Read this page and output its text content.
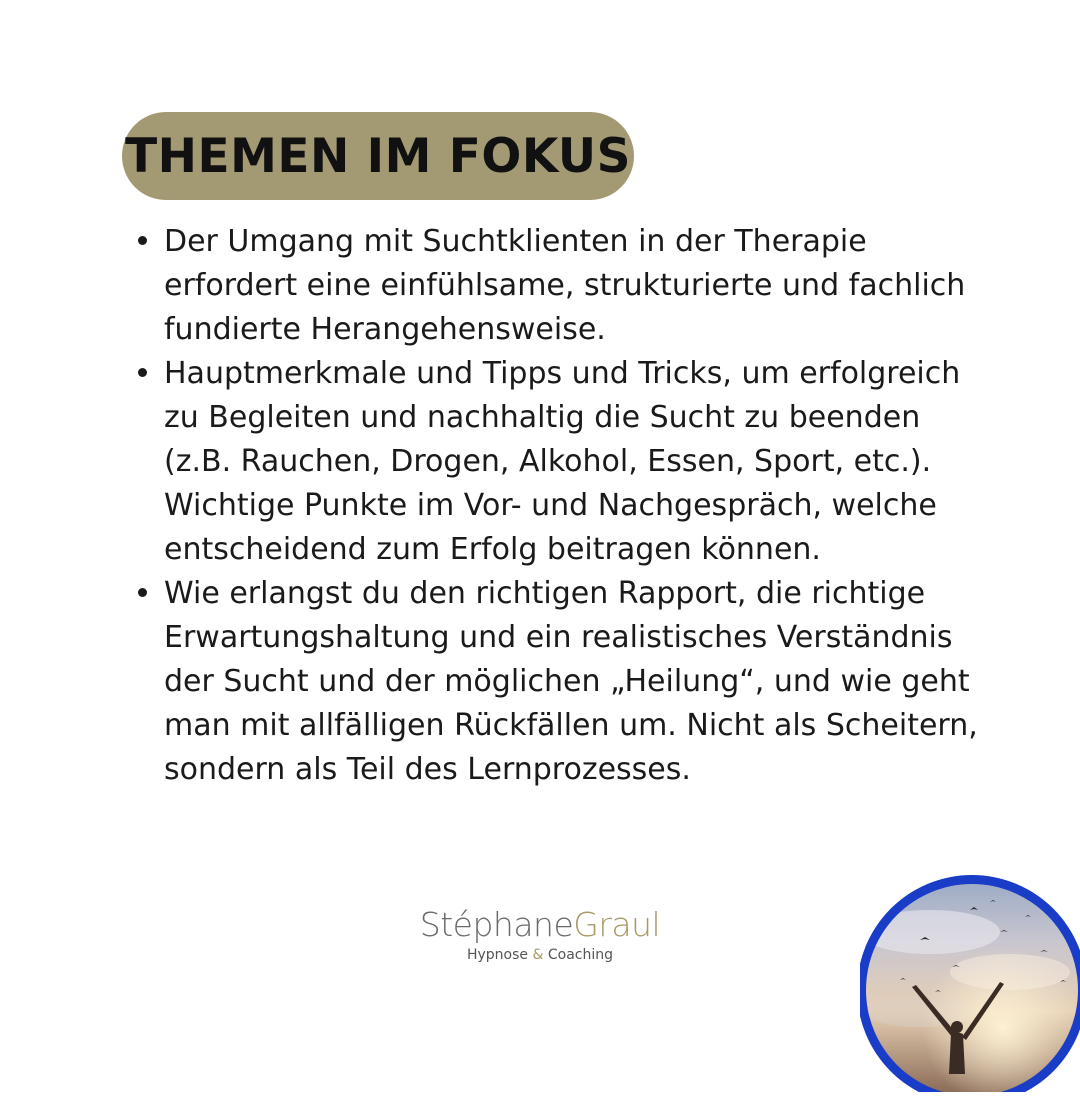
THEMEN IM FOKUS
Der Umgang mit Suchtklienten in der Therapie erfordert eine einfühlsame, strukturierte und fachlich fundierte Herangehensweise.
Hauptmerkmale und Tipps und Tricks, um erfolgreich zu Begleiten und nachhaltig die Sucht zu beenden (z.B. Rauchen, Drogen, Alkohol, Essen, Sport, etc.). Wichtige Punkte im Vor- und Nachgespräch, welche entscheidend zum Erfolg beitragen können.
Wie erlangst du den richtigen Rapport, die richtige Erwartungshaltung und ein realistisches Verständnis der Sucht und der möglichen „Heilung“, und wie geht man mit allfälligen Rückfällen um. Nicht als Scheitern, sondern als Teil des Lernprozesses.
StéphaneGraul
Hypnose & Coaching
